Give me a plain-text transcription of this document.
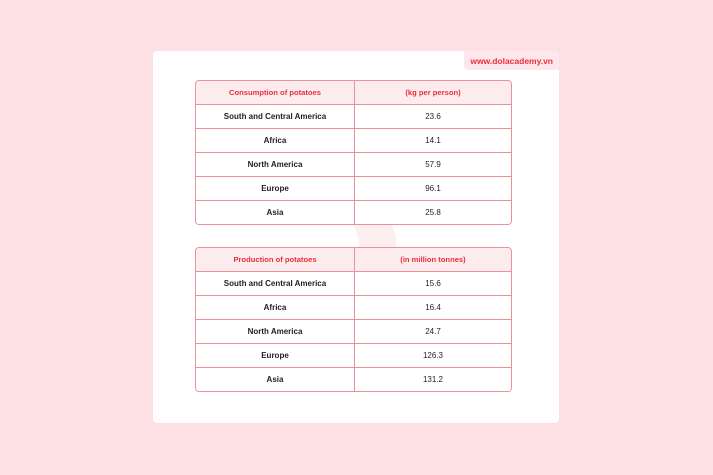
www.dolacademy.vn
Consumption of potatoes	(kg per person)
South and Central America	23.6
Africa	14.1
North America	57.9
Europe	96.1
Asia	25.8
Production of potatoes	(in million tonnes)
South and Central America	15.6
Africa	16.4
North America	24.7
Europe	126.3
Asia	131.2
